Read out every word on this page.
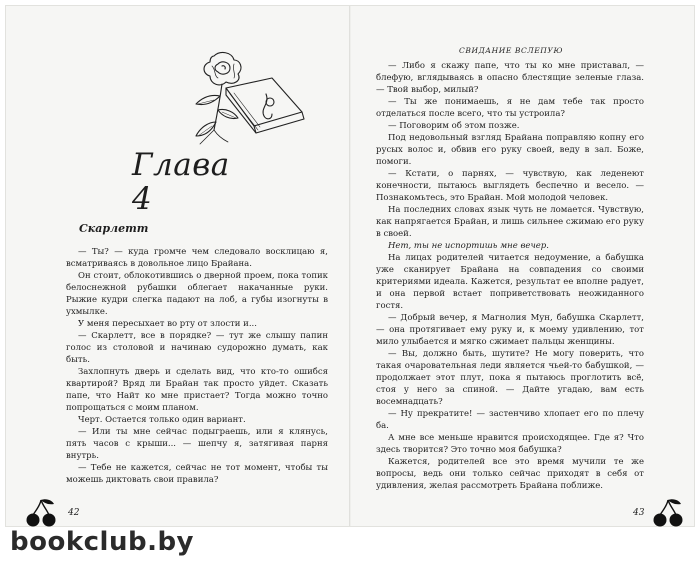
Глава 4
Скарлетт

— Ты? — куда громче чем следовало восклицаю я, всматриваясь в довольное лицо Брайана.

Он стоит, облокотившись о дверной проем, пока топик белоснежной рубашки облегает накачанные руки. Рыжие кудри слегка падают на лоб, а губы изогнуты в ухмылке.

У меня пересыхает во рту от злости и...

— Скарлетт, все в порядке? — тут же слышу папин голос из столовой и начинаю судорожно думать, как быть.

Захлопнуть дверь и сделать вид, что кто-то ошибся квартирой? Вряд ли Брайан так просто уйдет. Сказать папе, что Найт ко мне пристает? Тогда можно точно попрощаться с моим планом.

Черт. Остается только один вариант.

— Или ты мне сейчас подыграешь, или я клянусь, пять часов с крыши... — шепчу я, затягивая парня внутрь.

— Тебе не кажется, сейчас не тот момент, чтобы ты можешь диктовать свои правила?

42
СВИДАНИЕ ВСЛЕПУЮ

— Либо я скажу папе, что ты ко мне приставал, — блефую, вглядываясь в опасно блестящие зеленые глаза. — Твой выбор, милый?

— Ты же понимаешь, я не дам тебе так просто отделаться после всего, что ты устроила?

— Поговорим об этом позже.

Под недовольный взгляд Брайана поправляю копну его русых волос и, обвив его руку своей, веду в зал. Боже, помоги.

— Кстати, о парнях, — чувствую, как леденеют конечности, пытаюсь выглядеть беспечно и весело. — Познакомьтесь, это Брайан. Мой молодой человек.

На последних словах язык чуть не ломается. Чувствую, как напрягается Брайан, и лишь сильнее сжимаю его руку в своей.

Нет, ты не испортишь мне вечер.

На лицах родителей читается недоумение, а бабушка уже сканирует Брайана на совпадения со своими критериями идеала. Кажется, результат ее вполне радует, и она первой встает поприветствовать неожиданного гостя.

— Добрый вечер, я Магнолия Мун, бабушка Скарлетт, — она протягивает ему руку и, к моему удивлению, тот мило улыбается и мягко сжимает пальцы женщины.

— Вы, должно быть, шутите? Не могу поверить, что такая очаровательная леди является чьей-то бабушкой, — продолжает этот плут, пока я пытаюсь проглотить всё, стоя у него за спиной. — Дайте угадаю, вам есть восемнадцать?

— Ну прекратите! — застенчиво хлопает его по плечу ба.

А мне все меньше нравится происходящее. Где я? Что здесь творится? Это точно моя бабушка?

Кажется, родителей все это время мучили те же вопросы, ведь они только сейчас приходят в себя от удивления, желая рассмотреть Брайана поближе.

43
bookclub.by
